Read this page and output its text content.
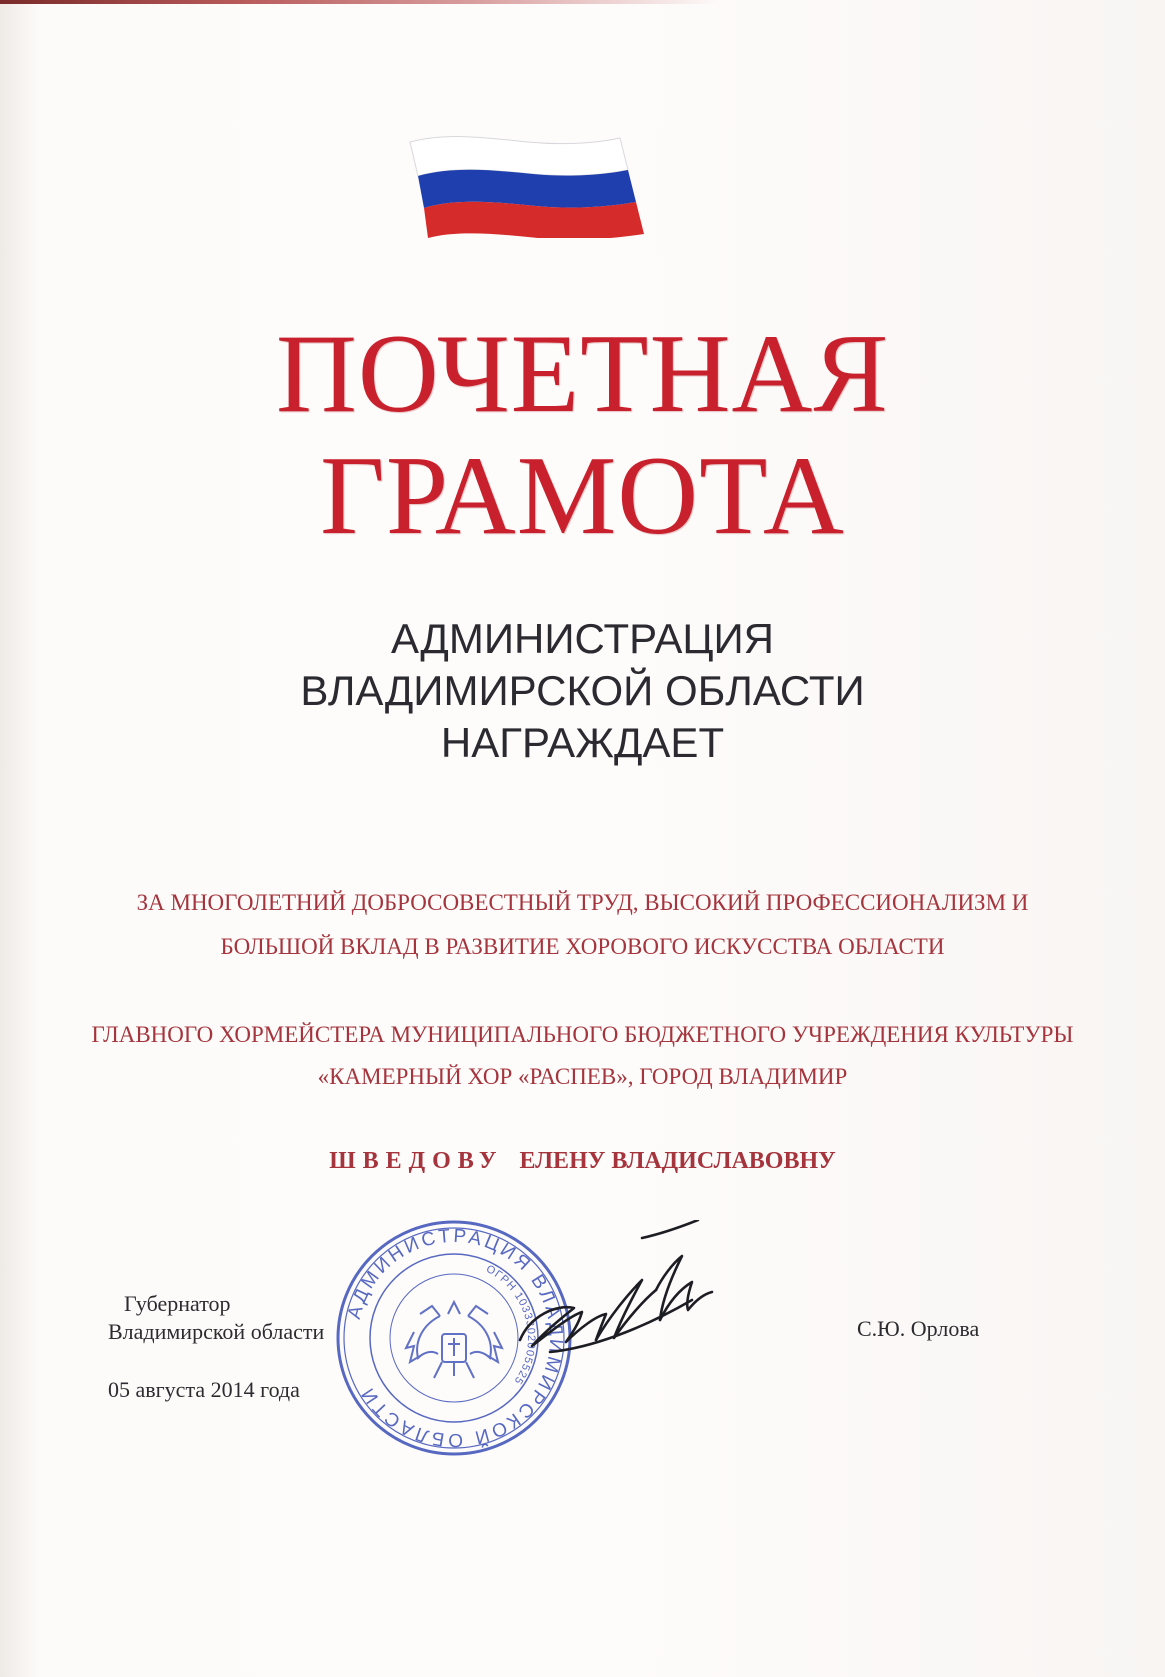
ПОЧЕТНАЯ
ГРАМОТА
АДМИНИСТРАЦИЯ
ВЛАДИМИРСКОЙ ОБЛАСТИ
НАГРАЖДАЕТ
ЗА МНОГОЛЕТНИЙ ДОБРОСОВЕСТНЫЙ ТРУД, ВЫСОКИЙ ПРОФЕССИОНАЛИЗМ И
БОЛЬШОЙ ВКЛАД В РАЗВИТИЕ ХОРОВОГО ИСКУССТВА ОБЛАСТИ
ГЛАВНОГО ХОРМЕЙСТЕРА МУНИЦИПАЛЬНОГО БЮДЖЕТНОГО УЧРЕЖДЕНИЯ КУЛЬТУРЫ
«КАМЕРНЫЙ ХОР «РАСПЕВ», ГОРОД ВЛАДИМИР
ШВЕДОВУ ЕЛЕНУ ВЛАДИСЛАВОВНУ
Губернатор
Владимирской области
05 августа 2014 года
С.Ю. Орлова
АДМИНИСТРАЦИЯ ВЛАДИМИРСКОЙ ОБЛАСТИ
ОГРН 1033302005525
